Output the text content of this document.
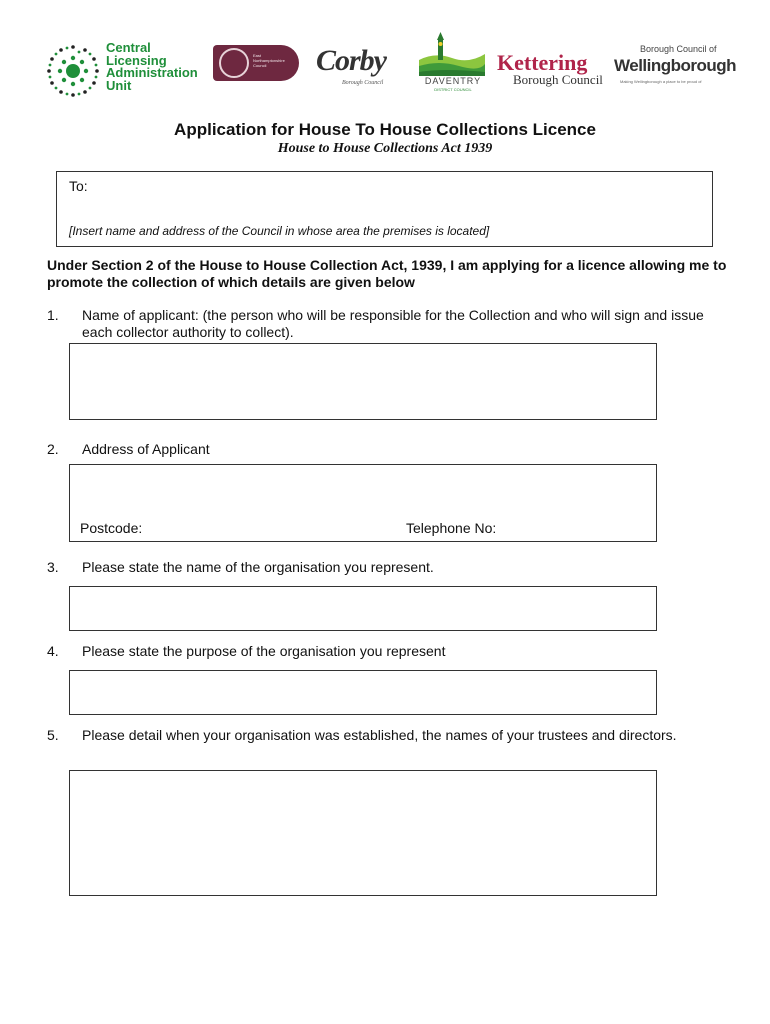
Central
Licensing
Administration
Unit
East
Northamptonshire
Council	Corby
Borough Council	DAVENTRY
DISTRICT COUNCIL
Kettering
Borough Council
Borough Council of
Wellingborough
Making Wellingborough a place to be proud of
Application for House To House Collections Licence
House to House Collections Act 1939
To:
[Insert name and address of the Council in whose area the premises is located]
Under Section 2 of the House to House Collection Act, 1939, I am applying for a licence allowing me to promote the collection of which details are given below
1. Name of applicant: (the person who will be responsible for the Collection and who will sign and issue each collector authority to collect).
2. Address of Applicant
Postcode:	Telephone No:
3. Please state the name of the organisation you represent.
4. Please state the purpose of the organisation you represent
5. Please detail when your organisation was established, the names of your trustees and directors.
